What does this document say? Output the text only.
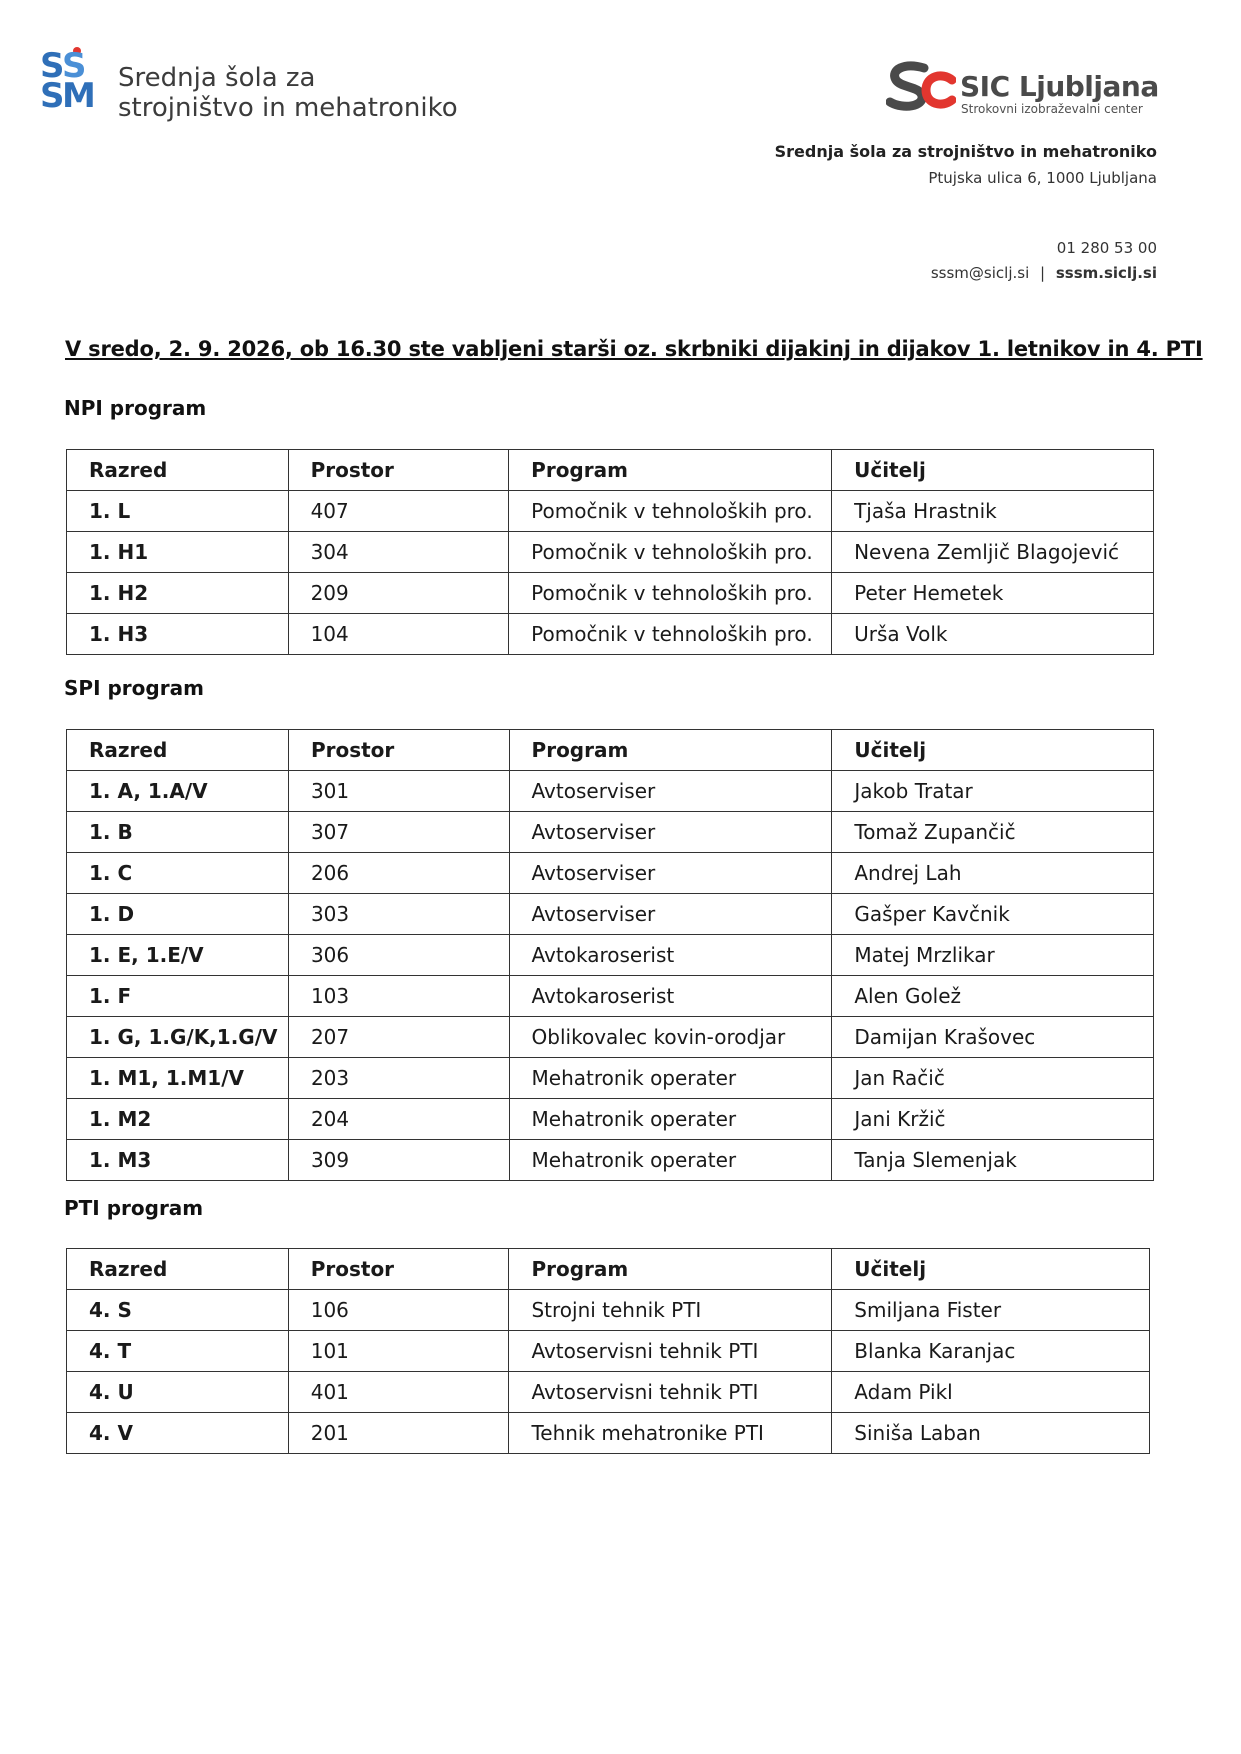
S
S
S
M Srednja šola za
strojništvo in mehatroniko
SIC Ljubljana
Strokovni izobraževalni center
Srednja šola za strojništvo in mehatroniko
Ptujska ulica 6, 1000 Ljubljana
01 280 53 00
sssm@siclj.si | sssm.siclj.si
V sredo, 2. 9. 2026, ob 16.30 ste vabljeni starši oz. skrbniki dijakinj in dijakov 1. letnikov in 4. PTI
NPI program
Razred	Prostor	Program	Učitelj
1. L	407	Pomočnik v tehnoloških pro.	Tjaša Hrastnik
1. H1	304	Pomočnik v tehnoloških pro.	Nevena Zemljič Blagojević
1. H2	209	Pomočnik v tehnoloških pro.	Peter Hemetek
1. H3	104	Pomočnik v tehnoloških pro.	Urša Volk
SPI program
Razred	Prostor	Program	Učitelj
1. A, 1.A/V	301	Avtoserviser	Jakob Tratar
1. B	307	Avtoserviser	Tomaž Zupančič
1. C	206	Avtoserviser	Andrej Lah
1. D	303	Avtoserviser	Gašper Kavčnik
1. E, 1.E/V	306	Avtokaroserist	Matej Mrzlikar
1. F	103	Avtokaroserist	Alen Golež
1. G, 1.G/K,1.G/V	207	Oblikovalec kovin-orodjar	Damijan Krašovec
1. M1, 1.M1/V	203	Mehatronik operater	Jan Račič
1. M2	204	Mehatronik operater	Jani Kržič
1. M3	309	Mehatronik operater	Tanja Slemenjak
PTI program
Razred	Prostor	Program	Učitelj
4. S	106	Strojni tehnik PTI	Smiljana Fister
4. T	101	Avtoservisni tehnik PTI	Blanka Karanjac
4. U	401	Avtoservisni tehnik PTI	Adam Pikl
4. V	201	Tehnik mehatronike PTI	Siniša Laban
